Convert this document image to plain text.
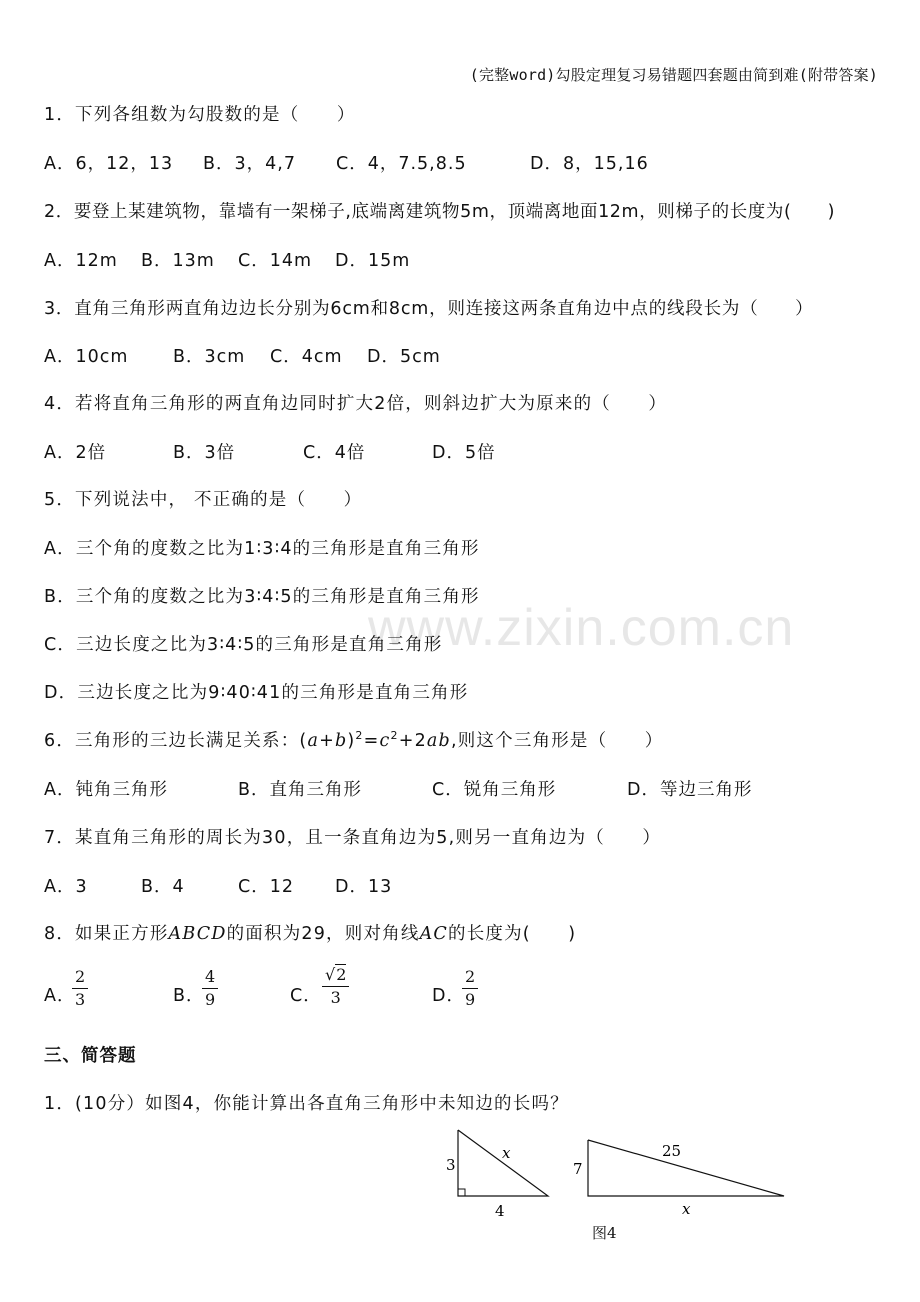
(完整word)勾股定理复习易错题四套题由简到难(附带答案)
www.zixin.com.cn
1．下列各组数为勾股数的是（　　）
A．6，12，13 B．3，4,7 C．4，7.5,8.5	D．8，15,16
2．要登上某建筑物，靠墙有一架梯子,底端离建筑物5m，顶端离地面12m，则梯子的长度为(　　)
A．12m B．13m C．14m D．15m
3．直角三角形两直角边边长分别为6cm和8cm，则连接这两条直角边中点的线段长为（　　）
A．10cm	B．3cm C．4cm D．5cm
4．若将直角三角形的两直角边同时扩大2倍，则斜边扩大为原来的（　　）
A．2倍	B．3倍	C．4倍	D．5倍
5．下列说法中， 不正确的是（　　）
A．三个角的度数之比为1∶3∶4的三角形是直角三角形
B．三个角的度数之比为3∶4∶5的三角形是直角三角形
C．三边长度之比为3∶4∶5的三角形是直角三角形
D．三边长度之比为9∶40∶41的三角形是直角三角形
6．三角形的三边长满足关系：$(a+b)^2=c^2+2ab$,则这个三角形是（　　）
A．钝角三角形	B．直角三角形	C．锐角三角形	D．等边三角形
7．某直角三角形的周长为30，且一条直角边为5,则另一直角边为（　　）
A．3	B．4	C．12 D．13
8．如果正方形ABCD的面积为29，则对角线AC的长度为(　　)
A．
$\frac{2}{3}$	B．
$\frac{4}{9}$	C． $\frac{√2}{3}$	D．
$\frac{2}{9}$
三、简答题
1．(10分）如图4，你能计算出各直角三角形中未知边的长吗？
3
4
x
7
x
25
图4
